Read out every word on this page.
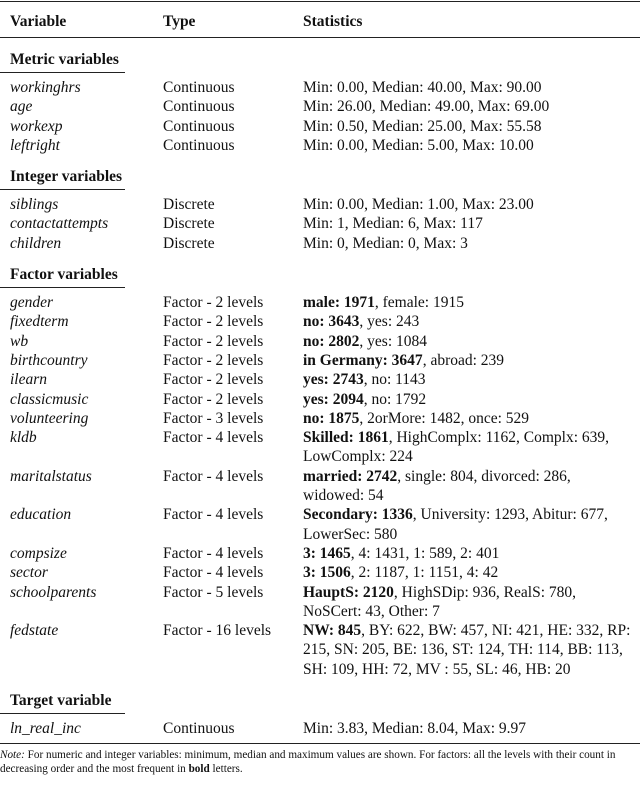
Variable	Type	Statistics
Metric variables
workinghrs	Continuous	Min: 0.00, Median: 40.00, Max: 90.00
age	Continuous	Min: 26.00, Median: 49.00, Max: 69.00
workexp	Continuous	Min: 0.50, Median: 25.00, Max: 55.58
leftright	Continuous	Min: 0.00, Median: 5.00, Max: 10.00
Integer variables
siblings	Discrete	Min: 0.00, Median: 1.00, Max: 23.00
contactattempts	Discrete	Min: 1, Median: 6, Max: 117
children	Discrete	Min: 0, Median: 0, Max: 3
Factor variables
gender	Factor - 2 levels	male: 1971, female: 1915
fixedterm	Factor - 2 levels	no: 3643, yes: 243
wb	Factor - 2 levels	no: 2802, yes: 1084
birthcountry	Factor - 2 levels	in Germany: 3647, abroad: 239
ilearn	Factor - 2 levels	yes: 2743, no: 1143
classicmusic	Factor - 2 levels	yes: 2094, no: 1792
volunteering	Factor - 3 levels	no: 1875, 2orMore: 1482, once: 529
kldb	Factor - 4 levels	Skilled: 1861, HighComplx: 1162, Complx: 639, LowComplx: 224
maritalstatus	Factor - 4 levels	married: 2742, single: 804, divorced: 286, widowed: 54
education	Factor - 4 levels	Secondary: 1336, University: 1293, Abitur: 677, LowerSec: 580
compsize	Factor - 4 levels	3: 1465, 4: 1431, 1: 589, 2: 401
sector	Factor - 4 levels	3: 1506, 2: 1187, 1: 1151, 4: 42
schoolparents	Factor - 5 levels	HauptS: 2120, HighSDip: 936, RealS: 780, NoSCert: 43, Other: 7
fedstate	Factor - 16 levels	NW: 845, BY: 622, BW: 457, NI: 421, HE: 332, RP: 215, SN: 205, BE: 136, ST: 124, TH: 114, BB: 113, SH: 109, HH: 72, MV : 55, SL: 46, HB: 20
Target variable
ln_real_inc	Continuous	Min: 3.83, Median: 8.04, Max: 9.97
Note: For numeric and integer variables: minimum, median and maximum values are shown. For factors: all the levels with their count in decreasing order and the most frequent in bold letters.
